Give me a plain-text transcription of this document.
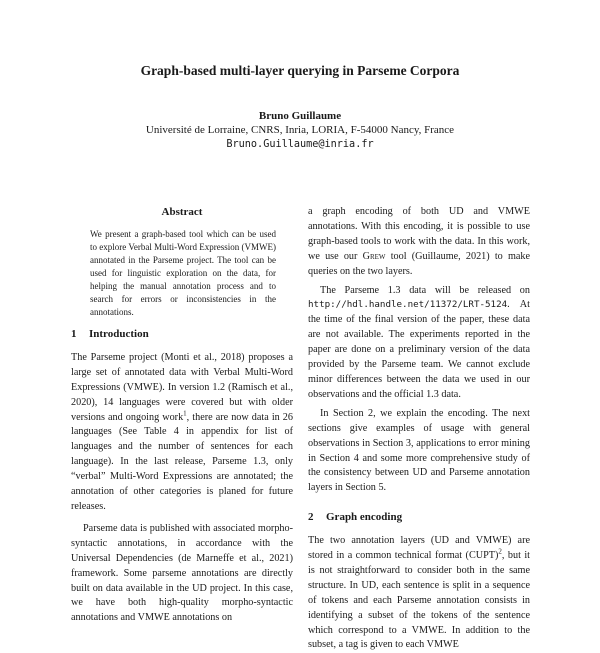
Graph-based multi-layer querying in Parseme Corpora
Bruno Guillaume
Université de Lorraine, CNRS, Inria, LORIA, F-54000 Nancy, France
Bruno.Guillaume@inria.fr
Abstract
We present a graph-based tool which can be used to explore Verbal Multi-Word Expression (VMWE) annotated in the Parseme project. The tool can be used for linguistic exploration on the data, for helping the manual annotation process and to search for errors or inconsistencies in the annotations.
1 Introduction

The Parseme project (Monti et al., 2018) proposes a large set of annotated data with Verbal Multi-Word Expressions (VMWE). In version 1.2 (Ramisch et al., 2020), 14 languages were covered but with older versions and ongoing work$^1$, there are now data in 26 languages (See Table 4 in appendix for list of languages and the number of sentences for each language). In the last release, Parseme 1.3, only “verbal” Multi-Word Expressions are annotated; the annotation of other categories is planed for future releases.

Parseme data is published with associated morpho-syntactic annotations, in accordance with the Universal Dependencies (de Marneffe et al., 2021) framework. Some parseme annotations are directly built on data available in the UD project. In this case, we have both high-quality morpho-syntactic annotations and VMWE annotations on

a graph encoding of both UD and VMWE annotations. With this encoding, it is possible to use graph-based tools to work with the data. In this work, we use our Grew tool (Guillaume, 2021) to make queries on the two layers.

The Parseme 1.3 data will be released on http://hdl.handle.net/11372/LRT-5124. At the time of the final version of the paper, these data are not available. The experiments reported in the paper are done on a preliminary version of the data provided by the Parseme team. We cannot exclude minor differences between the data we used in our observations and the official 1.3 data.

In Section 2, we explain the encoding. The next sections give examples of usage with general observations in Section 3, applications to error mining in Section 4 and some more comprehensive study of the consistency between UD and Parseme annotation layers in Section 5.

2 Graph encoding

The two annotation layers (UD and VMWE) are stored in a common technical format (CUPT)$^2$, but it is not straightforward to consider both in the same structure. In UD, each sentence is split in a sequence of tokens and each Parseme annotation consists in identifying a subset of the tokens of the sentence which correspond to a VMWE. In addition to the subset, a tag is given to each VMWE
